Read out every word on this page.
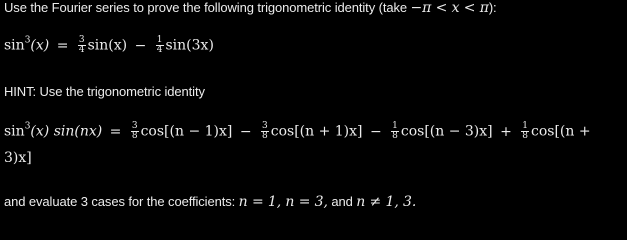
Use the Fourier series to prove the following trigonometric identity (take −π < x < π):
$\sin^3(x) = \frac{3}{4} \sin(x) - \frac{1}{4} \sin(3x)$
HINT: Use the trigonometric identity
$\sin^3(x) \sin(nx) = \frac{3}{8} \cos[(n - 1)x] - \frac{3}{8} \cos[(n + 1)x] - \frac{1}{8} \cos[(n - 3)x] + \frac{1}{8} \cos[(n$ +
3)x]
and evaluate 3 cases for the coefficients: n = 1, n = 3, and n ≠ 1, 3.
